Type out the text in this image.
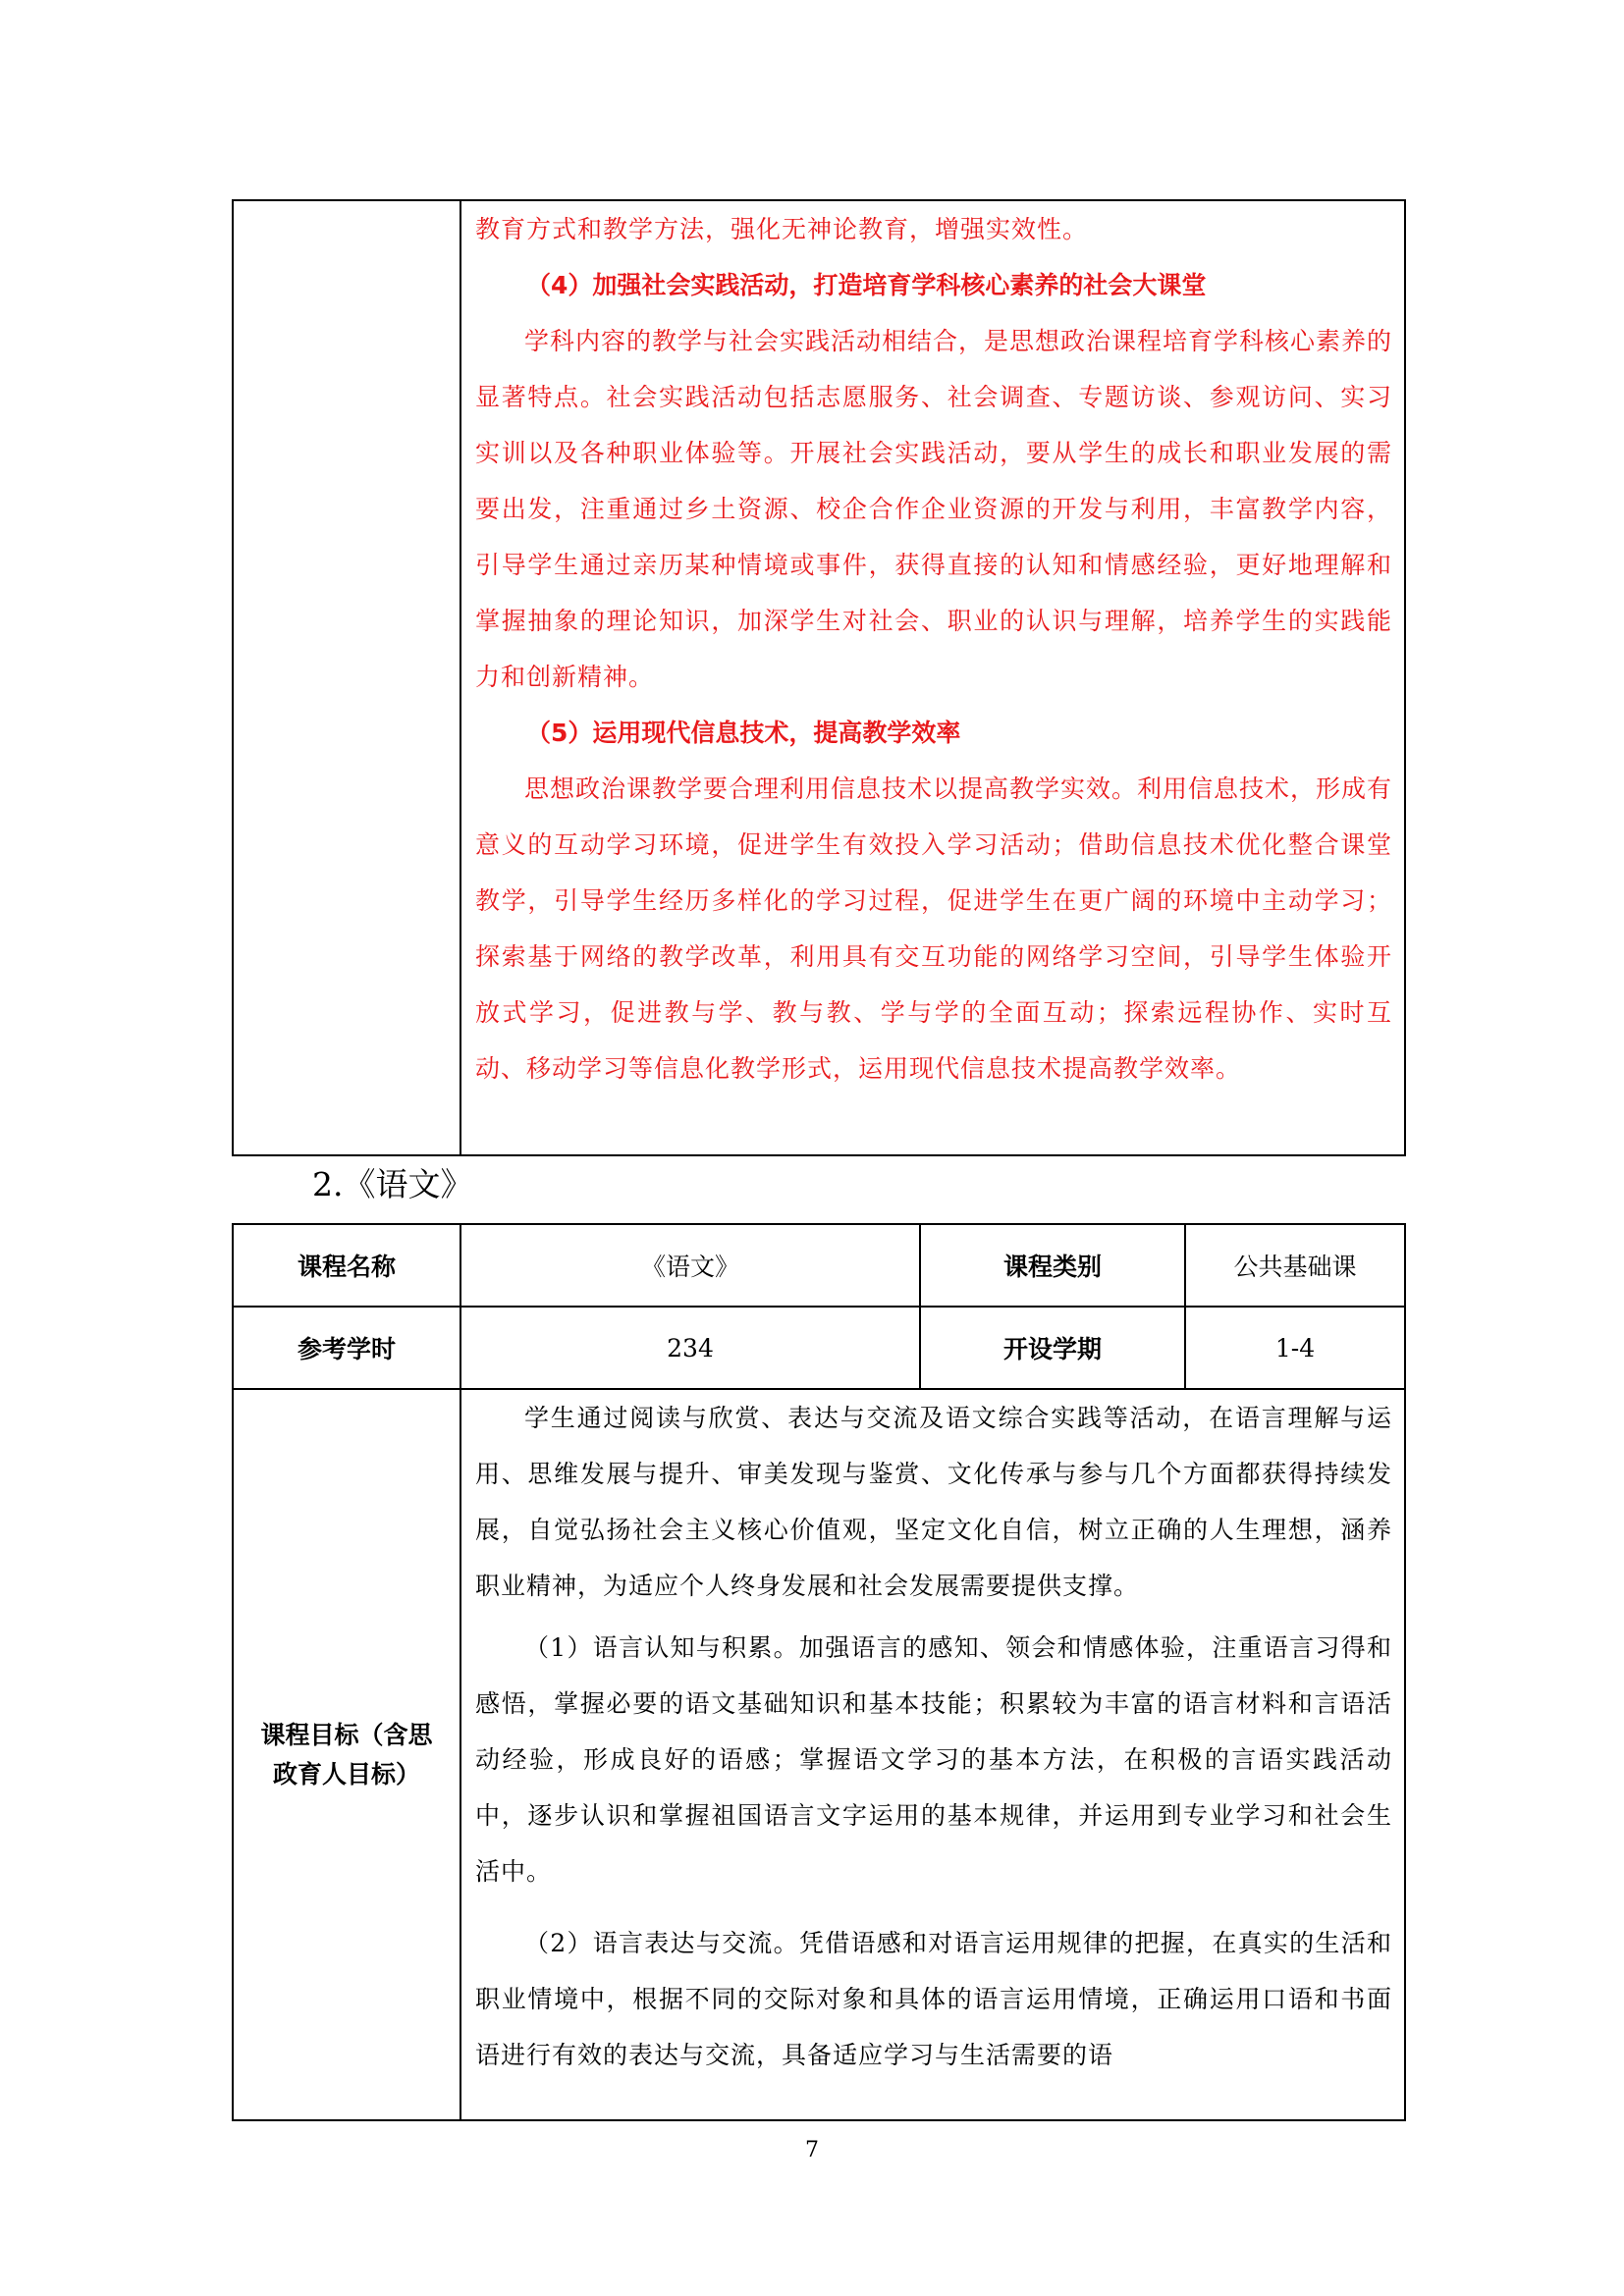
教育方式和教学方法，强化无神论教育，增强实效性。

（4）加强社会实践活动，打造培育学科核心素养的社会大课堂

学科内容的教学与社会实践活动相结合，是思想政治课程培育学科核心素养的显著特点。社会实践活动包括志愿服务、社会调查、专题访谈、参观访问、实习实训以及各种职业体验等。开展社会实践活动，要从学生的成长和职业发展的需要出发，注重通过乡土资源、校企合作企业资源的开发与利用，丰富教学内容，引导学生通过亲历某种情境或事件，获得直接的认知和情感经验，更好地理解和掌握抽象的理论知识，加深学生对社会、职业的认识与理解，培养学生的实践能力和创新精神。

（5）运用现代信息技术，提高教学效率

思想政治课教学要合理利用信息技术以提高教学实效。利用信息技术，形成有意义的互动学习环境，促进学生有效投入学习活动；借助信息技术优化整合课堂教学，引导学生经历多样化的学习过程，促进学生在更广阔的环境中主动学习；探索基于网络的教学改革，利用具有交互功能的网络学习空间，引导学生体验开放式学习，促进教与学、教与教、学与学的全面互动；探索远程协作、实时互动、移动学习等信息化教学形式，运用现代信息技术提高教学效率。

2.《语文》
课程名称	《语文》	课程类别	公共基础课
参考学时	234	开设学期	1-4
课程目标（含思政育人目标）	学生通过阅读与欣赏、表达与交流及语文综合实践等活动，在语言理解与运用、思维发展与提升、审美发现与鉴赏、文化传承与参与几个方面都获得持续发展，自觉弘扬社会主义核心价值观，坚定文化自信，树立正确的人生理想，涵养职业精神，为适应个人终身发展和社会发展需要提供支撑。

（1）语言认知与积累。加强语言的感知、领会和情感体验，注重语言习得和感悟，掌握必要的语文基础知识和基本技能；积累较为丰富的语言材料和言语活动经验，形成良好的语感；掌握语文学习的基本方法，在积极的言语实践活动中，逐步认识和掌握祖国语言文字运用的基本规律，并运用到专业学习和社会生活中。

（2）语言表达与交流。凭借语感和对语言运用规律的把握，在真实的生活和职业情境中，根据不同的交际对象和具体的语言运用情境，正确运用口语和书面语进行有效的表达与交流，具备适应学习与生活需要的语		

7
